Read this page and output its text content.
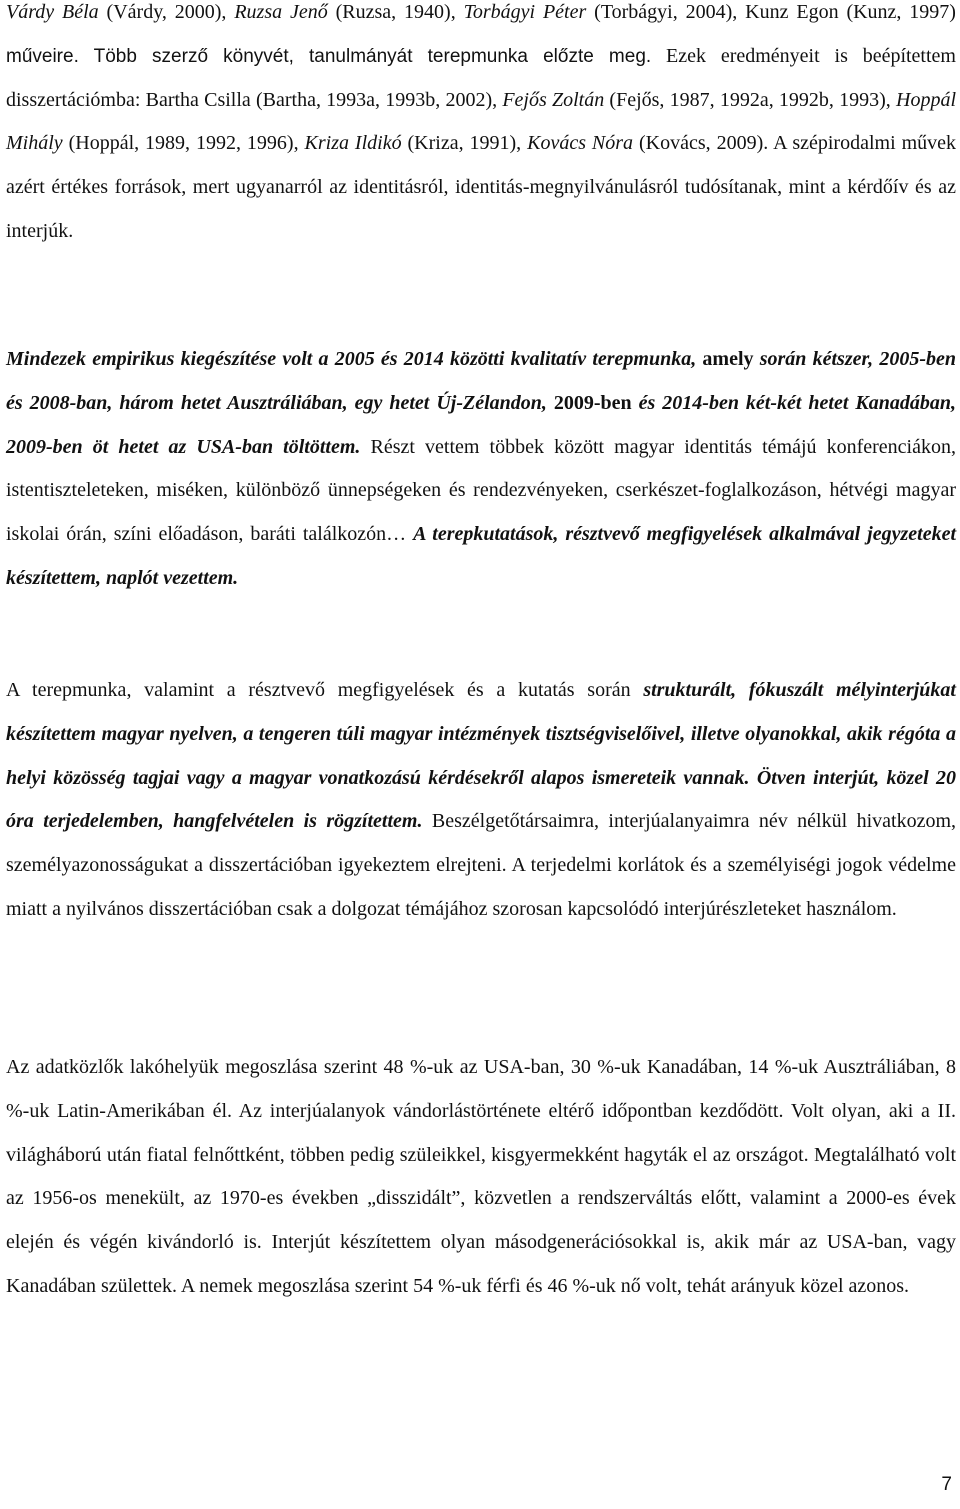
Várdy Béla (Várdy, 2000), Ruzsa Jenő (Ruzsa, 1940), Torbágyi Péter (Torbágyi, 2004), Kunz Egon (Kunz, 1997) műveire. Több szerző könyvét, tanulmányát terepmunka előzte meg. Ezek eredményeit is beépítettem disszertációmba: Bartha Csilla (Bartha, 1993a, 1993b, 2002), Fejős Zoltán (Fejős, 1987, 1992a, 1992b, 1993), Hoppál Mihály (Hoppál, 1989, 1992, 1996), Kriza Ildikó (Kriza, 1991), Kovács Nóra (Kovács, 2009). A szépirodalmi művek azért értékes források, mert ugyanarról az identitásról, identitás-megnyilvánulásról tudósítanak, mint a kérdőív és az interjúk.

Mindezek empirikus kiegészítése volt a 2005 és 2014 közötti kvalitatív terepmunka, amely során kétszer, 2005-ben és 2008-ban, három hetet Ausztráliában, egy hetet Új-Zélandon, 2009-ben és 2014-ben két-két hetet Kanadában, 2009-ben öt hetet az USA-ban töltöttem. Részt vettem többek között magyar identitás témájú konferenciákon, istentiszteleteken, miséken, különböző ünnepségeken és rendezvényeken, cserkészet-foglalkozáson, hétvégi magyar iskolai órán, színi előadáson, baráti találkozón… A terepkutatások, résztvevő megfigyelések alkalmával jegyzeteket készítettem, naplót vezettem.

A terepmunka, valamint a résztvevő megfigyelések és a kutatás során strukturált, fókuszált mélyinterjúkat készítettem magyar nyelven, a tengeren túli magyar intézmények tisztségviselőivel, illetve olyanokkal, akik régóta a helyi közösség tagjai vagy a magyar vonatkozású kérdésekről alapos ismereteik vannak. Ötven interjút, közel 20 óra terjedelemben, hangfelvételen is rögzítettem. Beszélgetőtársaimra, interjúalanyaimra név nélkül hivatkozom, személyazonosságukat a disszertációban igyekeztem elrejteni. A terjedelmi korlátok és a személyiségi jogok védelme miatt a nyilvános disszertációban csak a dolgozat témájához szorosan kapcsolódó interjúrészleteket használom.

Az adatközlők lakóhelyük megoszlása szerint 48 %-uk az USA-ban, 30 %-uk Kanadában, 14 %-uk Ausztráliában, 8 %-uk Latin-Amerikában él. Az interjúalanyok vándorlástörténete eltérő időpontban kezdődött. Volt olyan, aki a II. világháború után fiatal felnőttként, többen pedig szüleikkel, kisgyermekként hagyták el az országot. Megtalálható volt az 1956-os menekült, az 1970-es években „disszidált”, közvetlen a rendszerváltás előtt, valamint a 2000-es évek elején és végén kivándorló is. Interjút készítettem olyan másodgenerációsokkal is, akik már az USA-ban, vagy Kanadában születtek. A nemek megoszlása szerint 54 %-uk férfi és 46 %-uk nő volt, tehát arányuk közel azonos.

7
